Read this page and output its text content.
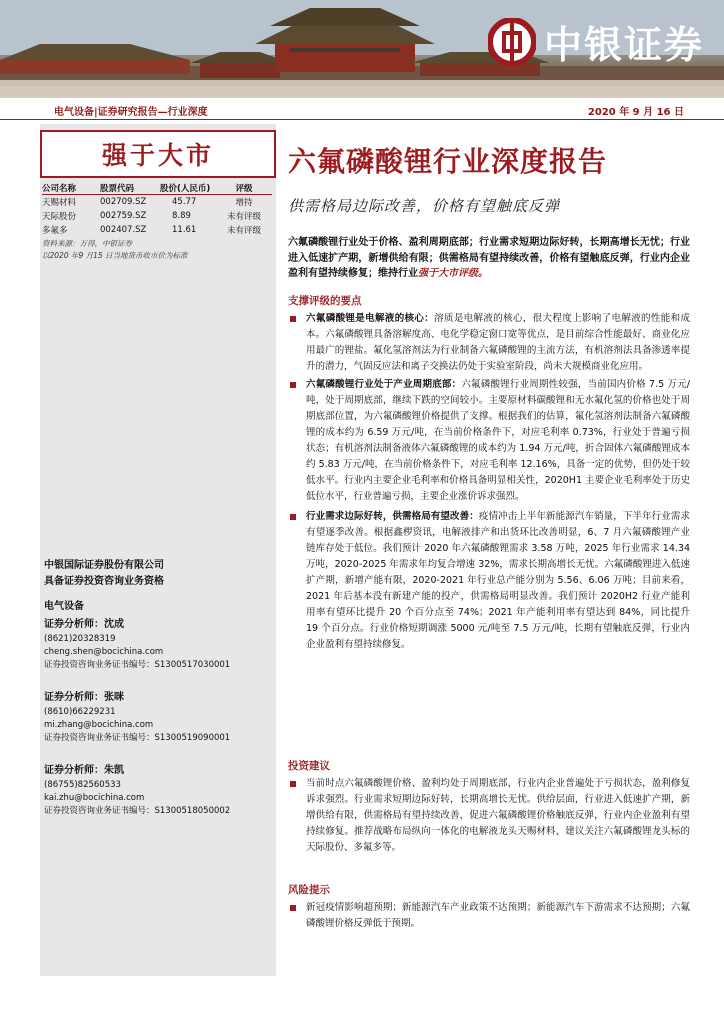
中银证券
电气设备|证券研究报告—行业深度	2020 年 9 月 16 日
强于大市
公司名称	股票代码	股价(人民币)	评级
天赐材料	002709.SZ	45.77	增持
天际股份	002759.SZ	8.89	未有评级
多氟多	002407.SZ	11.61	未有评级
资料来源：万得，中银证券
以2020 年9 月15 日当地货币收市价为标准
中银国际证券股份有限公司
具备证券投资咨询业务资格
电气设备
证券分析师：沈成
(8621)20328319
cheng.shen@bocichina.com
证券投资咨询业务证书编号：S1300517030001
证券分析师：张咪
(8610)66229231
mi.zhang@bocichina.com
证券投资咨询业务证书编号：S1300519090001
证券分析师：朱凯
(86755)82560533
kai.zhu@bocichina.com
证券投资咨询业务证书编号：S1300518050002
六氟磷酸锂行业深度报告
供需格局边际改善，价格有望触底反弹
六氟磷酸锂行业处于价格、盈利周期底部；行业需求短期边际好转，长期高增长无忧；行业进入低速扩产期，新增供给有限；供需格局有望持续改善，价格有望触底反弹，行业内企业盈利有望持续修复；维持行业强于大市评级。
支撑评级的要点
六氟磷酸锂是电解液的核心：溶质是电解液的核心，很大程度上影响了电解液的性能和成本。六氟磷酸锂具备溶解度高、电化学稳定窗口宽等优点，是目前综合性能最好、商业化应用最广的锂盐。氟化氢溶剂法为行业制备六氟磷酸锂的主流方法，有机溶剂法具备渗透率提升的潜力，气固反应法和离子交换法仍处于实验室阶段，尚未大规模商业化应用。
六氟磷酸锂行业处于产业周期底部：六氟磷酸锂行业周期性较强，当前国内价格 7.5 万元/吨，处于周期底部，继续下跌的空间较小。主要原材料碳酸锂和无水氟化氢的价格也处于周期底部位置，为六氟磷酸锂价格提供了支撑。根据我们的估算，氟化氢溶剂法制备六氟磷酸锂的成本约为 6.59 万元/吨，在当前价格条件下，对应毛利率 0.73%，行业处于普遍亏损状态；有机溶剂法制备液体六氟磷酸锂的成本约为 1.94 万元/吨，折合固体六氟磷酸锂成本约 5.83 万元/吨，在当前价格条件下，对应毛利率 12.16%，具备一定的优势，但仍处于较低水平。行业内主要企业毛利率和价格具备明显相关性，2020H1 主要企业毛利率处于历史低位水平，行业普遍亏损，主要企业涨价诉求强烈。
行业需求边际好转，供需格局有望改善：疫情冲击上半年新能源汽车销量，下半年行业需求有望逐季改善。根据鑫椤资讯，电解液排产和出货环比改善明显，6、7 月六氟磷酸锂产业链库存处于低位。我们预计 2020 年六氟磷酸锂需求 3.58 万吨，2025 年行业需求 14.34 万吨，2020-2025 年需求年均复合增速 32%，需求长期高增长无忧。六氟磷酸锂进入低速扩产期，新增产能有限，2020-2021 年行业总产能分别为 5.56、6.06 万吨；目前来看，2021 年后基本没有新建产能的投产，供需格局明显改善。我们预计 2020H2 行业产能利用率有望环比提升 20 个百分点至 74%；2021 年产能利用率有望达到 84%，同比提升 19 个百分点。行业价格短期调涨 5000 元/吨至 7.5 万元/吨，长期有望触底反弹，行业内企业盈利有望持续修复。
投资建议
当前时点六氟磷酸锂价格、盈利均处于周期底部，行业内企业普遍处于亏损状态，盈利修复诉求强烈。行业需求短期边际好转，长期高增长无忧。供给层面，行业进入低速扩产期，新增供给有限，供需格局有望持续改善，促进六氟磷酸锂价格触底反弹，行业内企业盈利有望持续修复。推荐战略布局纵向一体化的电解液龙头天赐材料，建议关注六氟磷酸锂龙头标的天际股份、多氟多等。
风险提示
新冠疫情影响超预期；新能源汽车产业政策不达预期；新能源汽车下游需求不达预期；六氟磷酸锂价格反弹低于预期。
